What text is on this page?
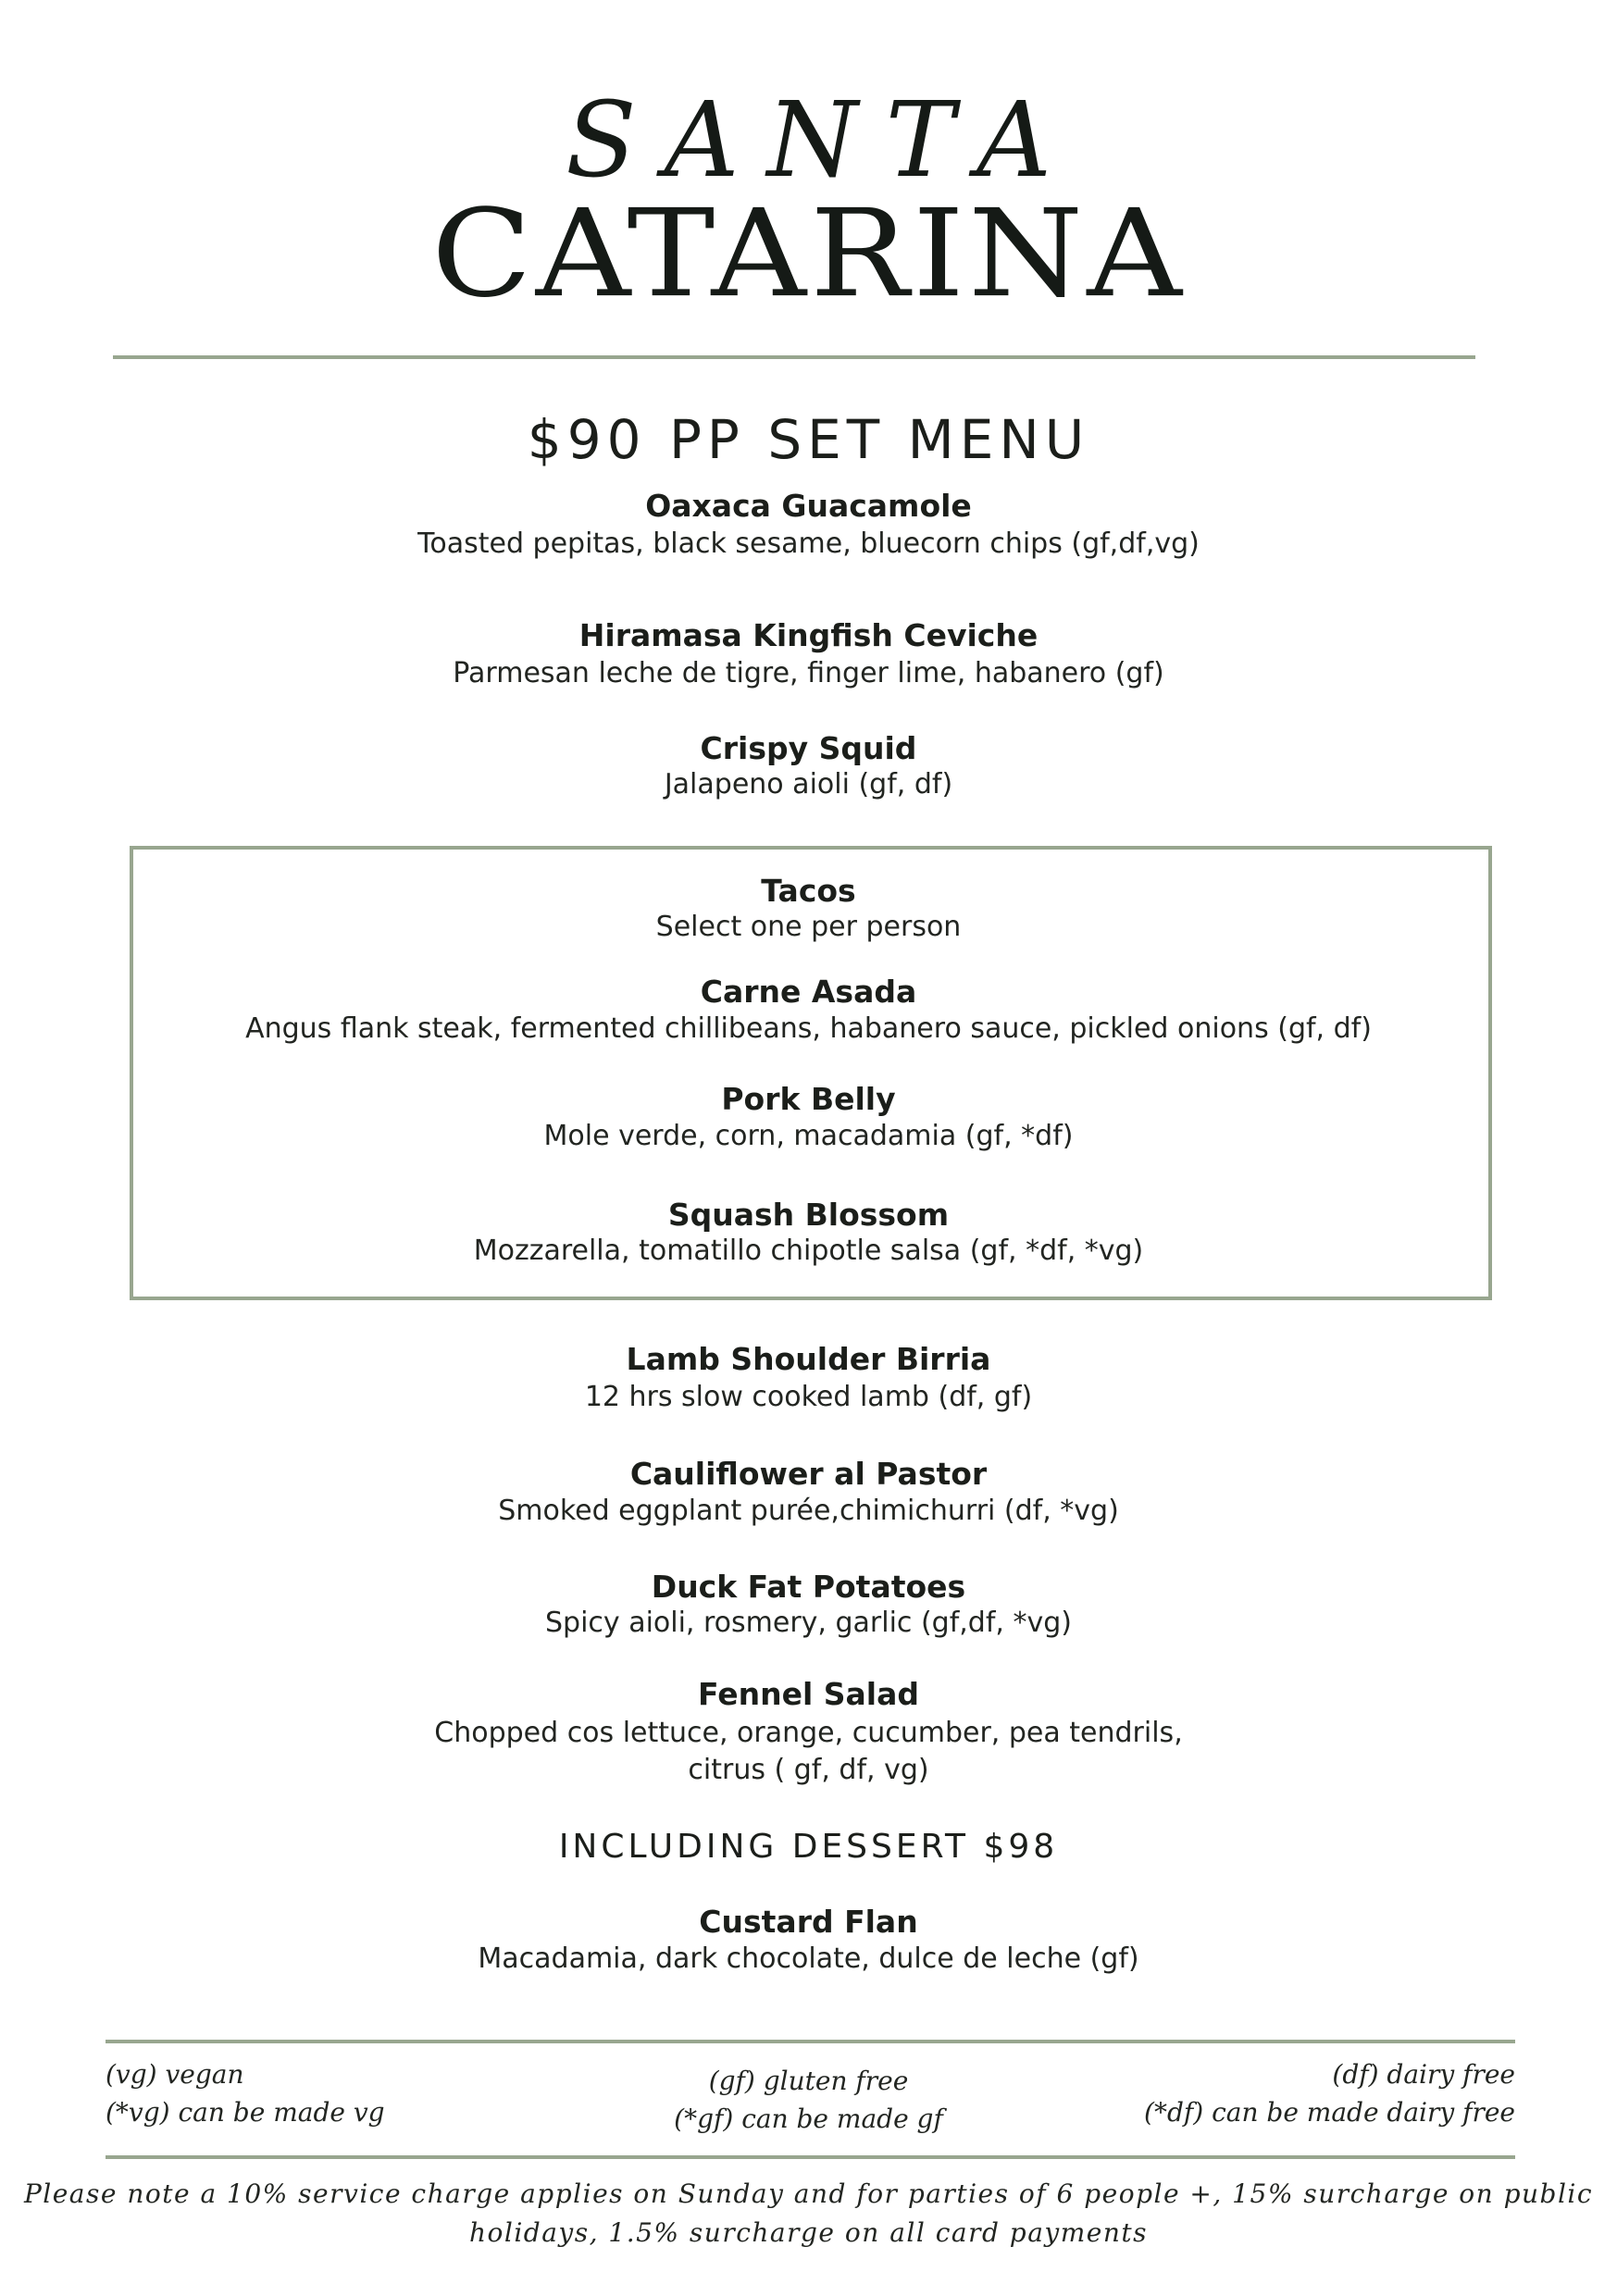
SANTA
CATARINA
$90 PP SET MENU
Oaxaca Guacamole
Toasted pepitas, black sesame, bluecorn chips (gf,df,vg)
Hiramasa Kingfish Ceviche
Parmesan leche de tigre, finger lime, habanero (gf)
Crispy Squid
Jalapeno aioli (gf, df)
Tacos
Select one per person
Carne Asada
Angus flank steak, fermented chillibeans, habanero sauce, pickled onions (gf, df)
Pork Belly
Mole verde, corn, macadamia (gf, *df)
Squash Blossom
Mozzarella, tomatillo chipotle salsa (gf, *df, *vg)
Lamb Shoulder Birria
12 hrs slow cooked lamb (df, gf)
Cauliflower al Pastor
Smoked eggplant purée,chimichurri (df, *vg)
Duck Fat Potatoes
Spicy aioli, rosmery, garlic (gf,df, *vg)
Fennel Salad
Chopped cos lettuce, orange, cucumber, pea tendrils,
citrus ( gf, df, vg)
INCLUDING DESSERT $98
Custard Flan
Macadamia, dark chocolate, dulce de leche (gf)
(vg) vegan
(*vg) can be made vg
(gf) gluten free
(*gf) can be made gf
(df) dairy free
(*df) can be made dairy free
Please note a 10% service charge applies on Sunday and for parties of 6 people +, 15% surcharge on public
holidays, 1.5% surcharge on all card payments
